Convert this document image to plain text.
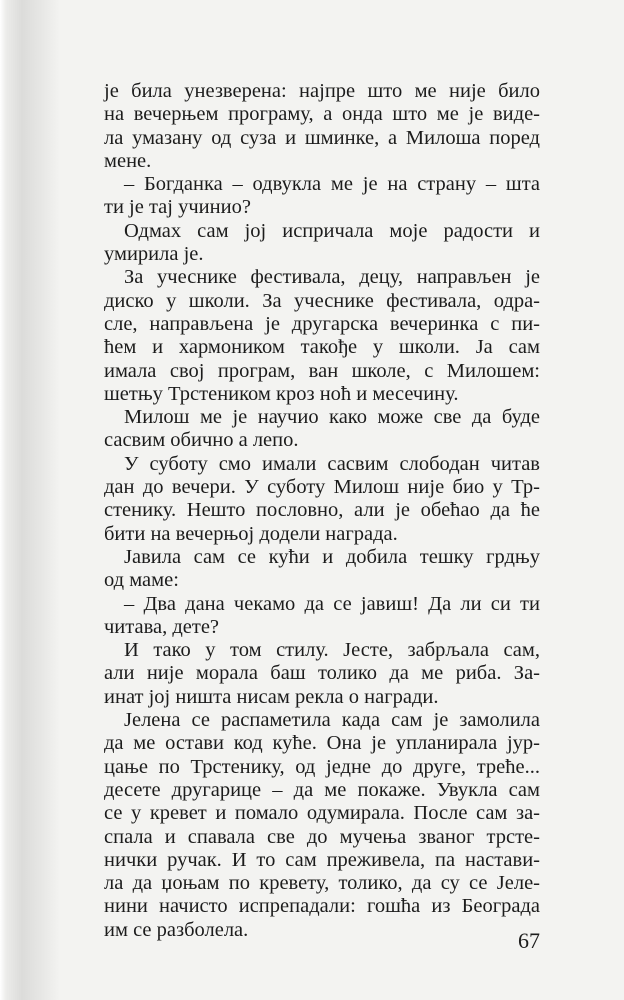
је била унезверена: најпре што ме није било
на вечерњем програму, а онда што ме је виде-
ла умазану од суза и шминке, а Милоша поред
мене.
– Богданка – одвукла ме је на страну – шта
ти је тај учинио?
Одмах сам јој испричала моје радости и
умирила је.
За учеснике фестивала, децу, направљен је
диско у школи. За учеснике фестивала, одра-
сле, направљена је другарска вечеринка с пи-
ћем и хармоником такође у школи. Ја сам
имала свој програм, ван школе, с Милошем:
шетњу Трстеником кроз ноћ и месечину.
Милош ме је научио како може све да буде
сасвим обично а лепо.
У суботу смо имали сасвим слободан читав
дан до вечери. У суботу Милош није био у Тр-
стенику. Нешто пословно, али је обећао да ће
бити на вечерњој додели награда.
Јавила сам се кући и добила тешку грдњу
од маме:
– Два дана чекамо да се јавиш! Да ли си ти
читава, дете?
И тако у том стилу. Јесте, забрљала сам,
али није морала баш толико да ме риба. За-
инат јој ништа нисам рекла о награди.
Јелена се распаметила када сам је замолила
да ме остави код куће. Она је упланирала јур-
цање по Трстенику, од једне до друге, треће...
десете другарице – да ме покаже. Увукла сам
се у кревет и помало одумирала. После сам за-
спала и спавала све до мучења званог трсте-
нички ручак. И то сам преживела, па настави-
ла да џоњам по кревету, толико, да су се Јеле-
нини начисто испрепадали: гошћа из Београда
им се разболела.	67
